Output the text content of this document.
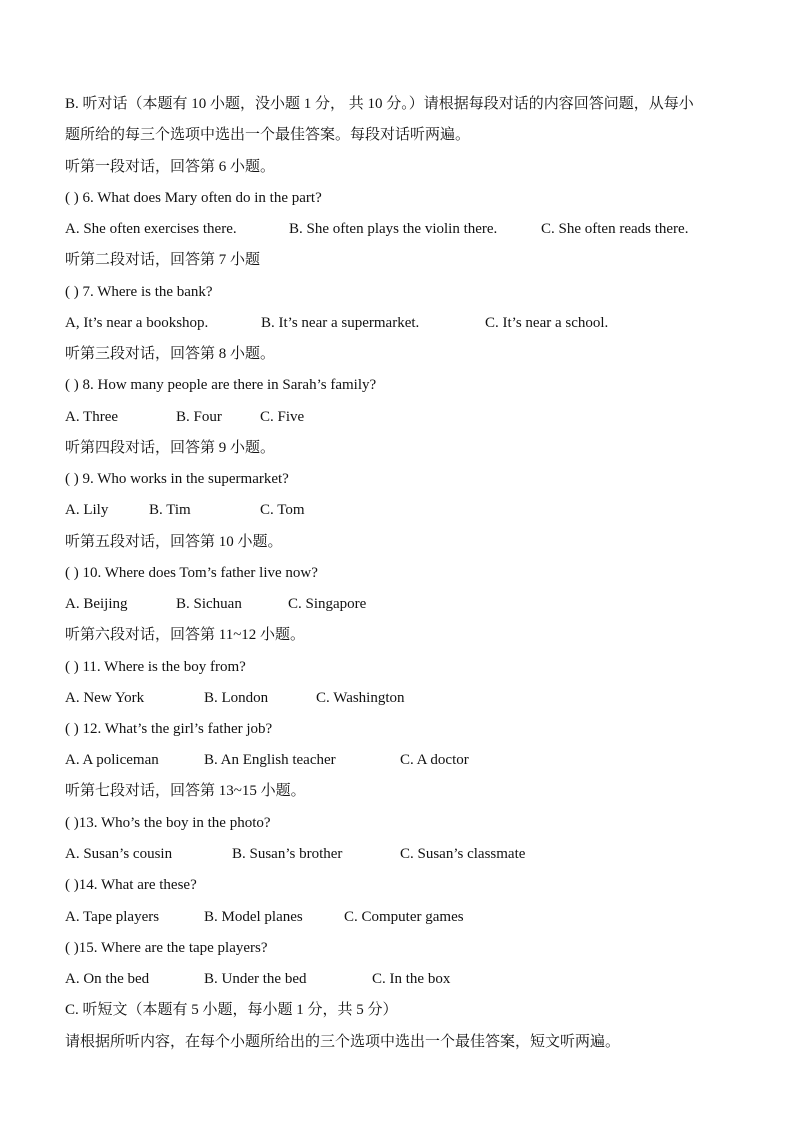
B. 听对话（本题有 10 小题，没小题 1 分， 共 10 分。）请根据每段对话的内容回答问题，从每小
题所给的每三个选项中选出一个最佳答案。每段对话听两遍。
听第一段对话，回答第 6 小题。
( ) 6. What does Mary often do in the part?
A. She often exercises there.	B. She often plays the violin there.	C. She often reads there.
听第二段对话，回答第 7 小题
( ) 7. Where is the bank?
A, It’s near a bookshop.	B. It’s near a supermarket.	C. It’s near a school.
听第三段对话，回答第 8 小题。
( ) 8. How many people are there in Sarah’s family?
A. Three	B. Four	C. Five
听第四段对话，回答第 9 小题。
( ) 9. Who works in the supermarket?
A. Lily	B. Tim	C. Tom
听第五段对话，回答第 10 小题。
( ) 10. Where does Tom’s father live now?
A. Beijing	B. Sichuan	C. Singapore
听第六段对话，回答第 11~12 小题。
( ) 11. Where is the boy from?
A. New York	B. London	C. Washington
( ) 12. What’s the girl’s father job?
A. A policeman	B. An English teacher	C. A doctor
听第七段对话，回答第 13~15 小题。
( )13. Who’s the boy in the photo?
A. Susan’s cousin	B. Susan’s brother	C. Susan’s classmate
( )14. What are these?
A. Tape players	B. Model planes	C. Computer games
( )15. Where are the tape players?
A. On the bed	B. Under the bed	C. In the box
C. 听短文（本题有 5 小题，每小题 1 分，共 5 分）
请根据所听内容，在每个小题所给出的三个选项中选出一个最佳答案，短文听两遍。
